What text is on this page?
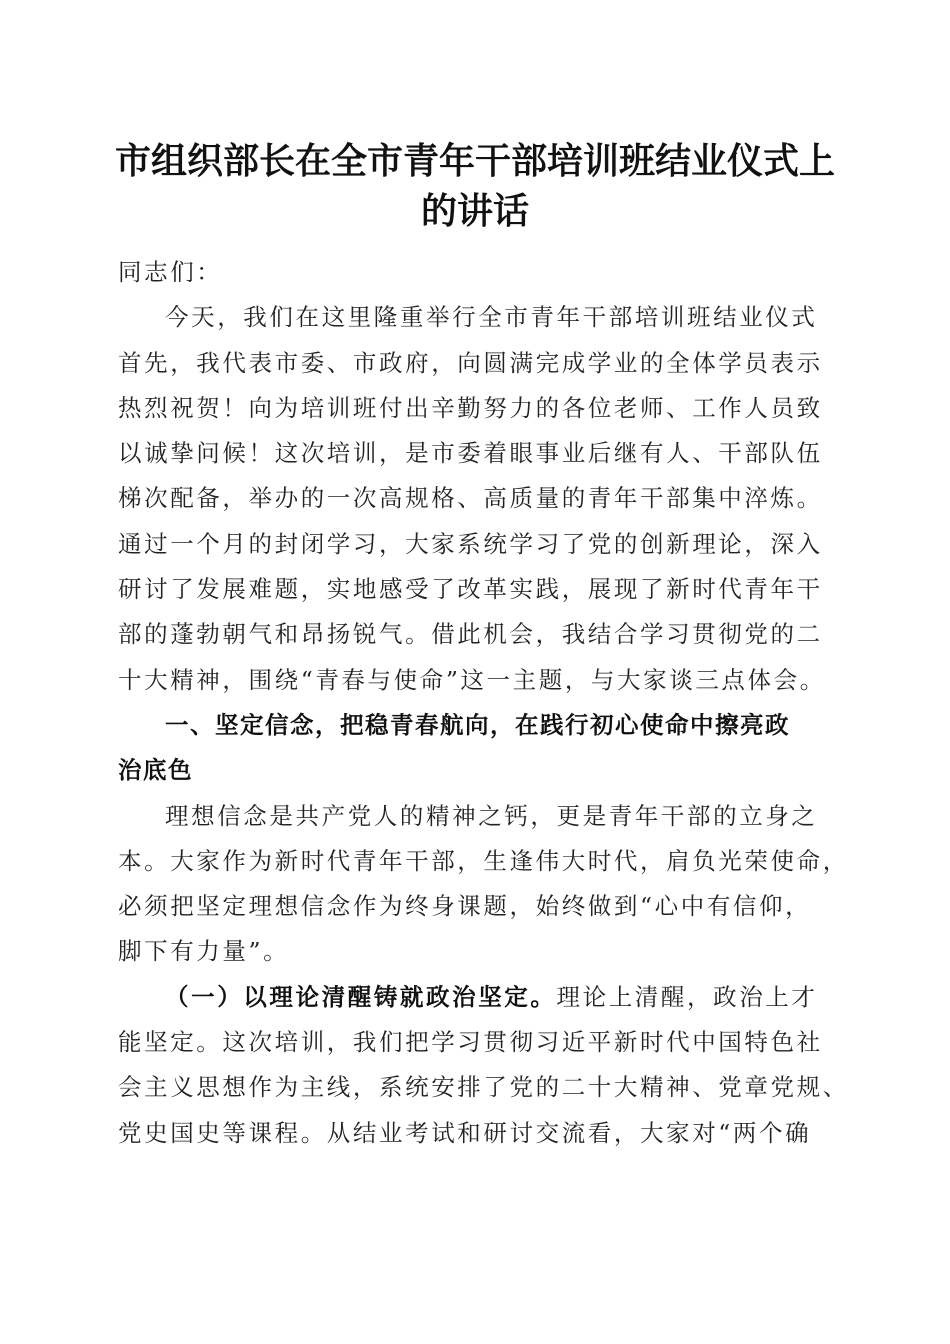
市组织部长在全市青年干部培训班结业仪式上
的讲话
同志们：
今天，我们在这里隆重举行全市青年干部培训班结业仪式
首先，我代表市委、市政府，向圆满完成学业的全体学员表示
热烈祝贺！向为培训班付出辛勤努力的各位老师、工作人员致
以诚挚问候！这次培训，是市委着眼事业后继有人、干部队伍
梯次配备，举办的一次高规格、高质量的青年干部集中淬炼。
通过一个月的封闭学习，大家系统学习了党的创新理论，深入
研讨了发展难题，实地感受了改革实践，展现了新时代青年干
部的蓬勃朝气和昂扬锐气。借此机会，我结合学习贯彻党的二
十大精神，围绕“青春与使命”这一主题，与大家谈三点体会。
一、坚定信念，把稳青春航向，在践行初心使命中擦亮政
治底色
理想信念是共产党人的精神之钙，更是青年干部的立身之
本。大家作为新时代青年干部，生逢伟大时代，肩负光荣使命，
必须把坚定理想信念作为终身课题，始终做到“心中有信仰，
脚下有力量”。
（一）以理论清醒铸就政治坚定。理论上清醒，政治上才
能坚定。这次培训，我们把学习贯彻习近平新时代中国特色社
会主义思想作为主线，系统安排了党的二十大精神、党章党规、
党史国史等课程。从结业考试和研讨交流看，大家对“两个确
